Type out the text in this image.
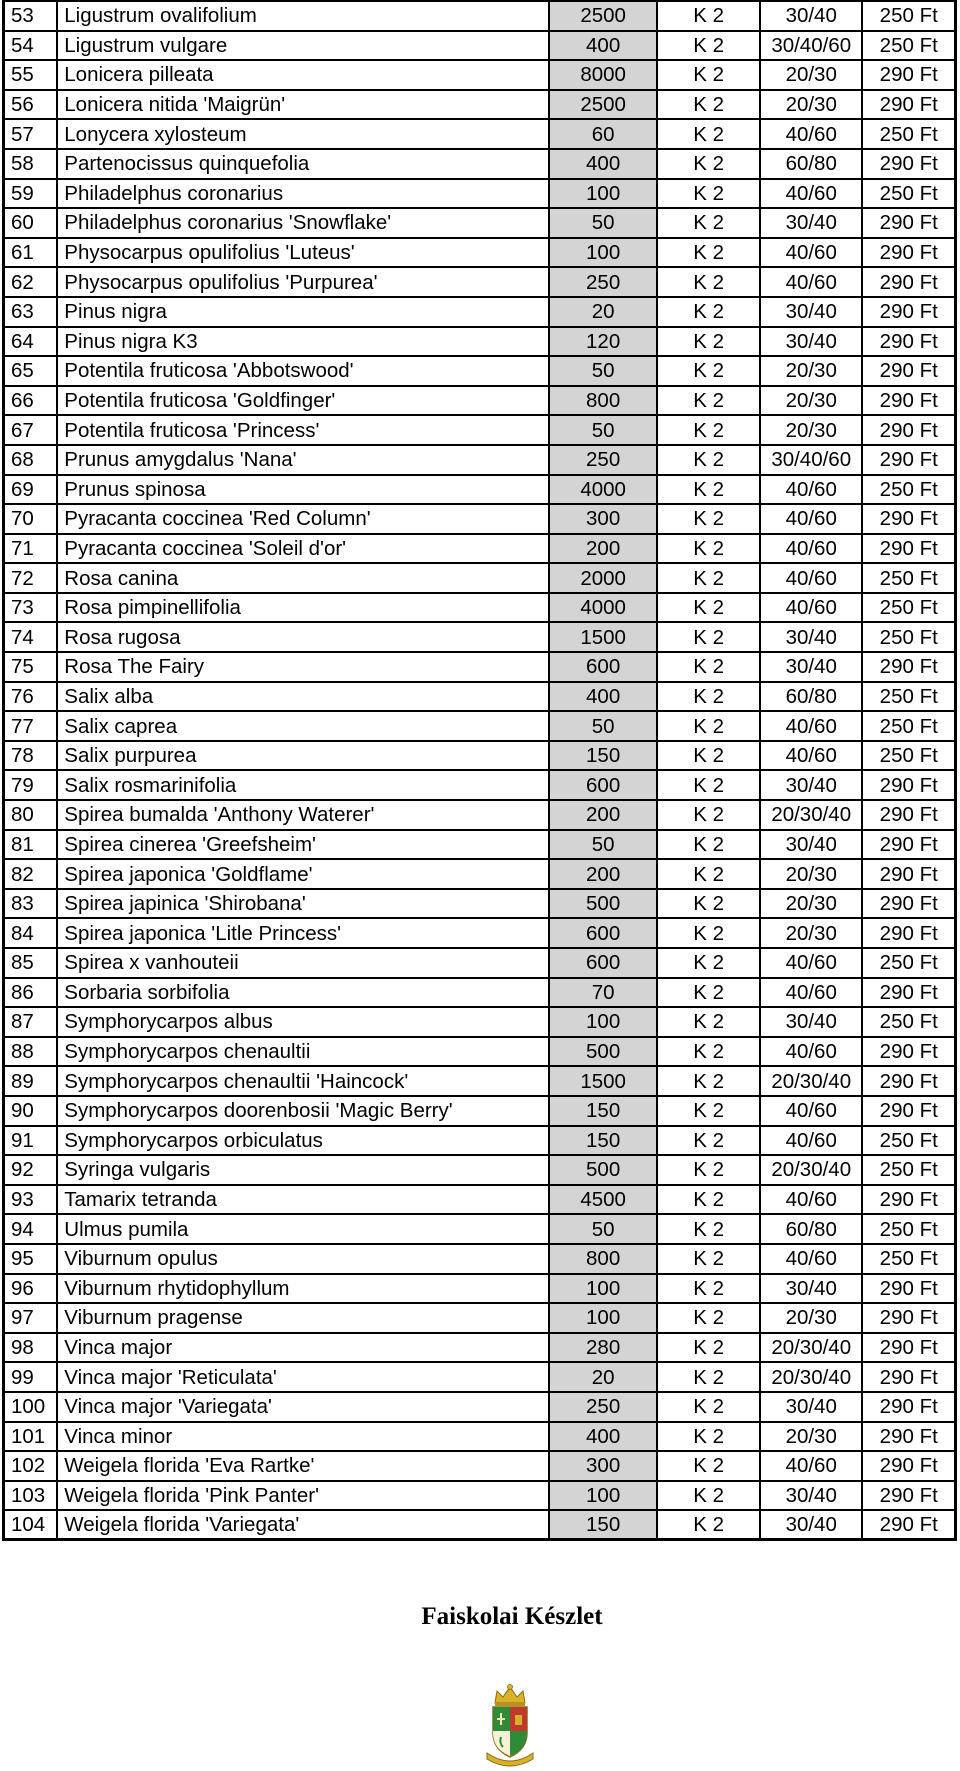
53	Ligustrum ovalifolium	2500	K 2	30/40	250 Ft
54	Ligustrum vulgare	400	K 2	30/40/60	250 Ft
55	Lonicera pilleata	8000	K 2	20/30	290 Ft
56	Lonicera nitida 'Maigrün'	2500	K 2	20/30	290 Ft
57	Lonycera xylosteum	60	K 2	40/60	250 Ft
58	Partenocissus quinquefolia	400	K 2	60/80	290 Ft
59	Philadelphus coronarius	100	K 2	40/60	250 Ft
60	Philadelphus coronarius 'Snowflake'	50	K 2	30/40	290 Ft
61	Physocarpus opulifolius 'Luteus'	100	K 2	40/60	290 Ft
62	Physocarpus opulifolius 'Purpurea'	250	K 2	40/60	290 Ft
63	Pinus nigra	20	K 2	30/40	290 Ft
64	Pinus nigra K3	120	K 2	30/40	290 Ft
65	Potentila fruticosa 'Abbotswood'	50	K 2	20/30	290 Ft
66	Potentila fruticosa 'Goldfinger'	800	K 2	20/30	290 Ft
67	Potentila fruticosa 'Princess'	50	K 2	20/30	290 Ft
68	Prunus amygdalus 'Nana'	250	K 2	30/40/60	290 Ft
69	Prunus spinosa	4000	K 2	40/60	250 Ft
70	Pyracanta coccinea 'Red Column'	300	K 2	40/60	290 Ft
71	Pyracanta coccinea 'Soleil d'or'	200	K 2	40/60	290 Ft
72	Rosa canina	2000	K 2	40/60	250 Ft
73	Rosa pimpinellifolia	4000	K 2	40/60	250 Ft
74	Rosa rugosa	1500	K 2	30/40	250 Ft
75	Rosa The Fairy	600	K 2	30/40	290 Ft
76	Salix alba	400	K 2	60/80	250 Ft
77	Salix caprea	50	K 2	40/60	250 Ft
78	Salix purpurea	150	K 2	40/60	250 Ft
79	Salix rosmarinifolia	600	K 2	30/40	290 Ft
80	Spirea bumalda 'Anthony Waterer'	200	K 2	20/30/40	290 Ft
81	Spirea cinerea 'Greefsheim'	50	K 2	30/40	290 Ft
82	Spirea japonica 'Goldflame'	200	K 2	20/30	290 Ft
83	Spirea japinica 'Shirobana'	500	K 2	20/30	290 Ft
84	Spirea japonica 'Litle Princess'	600	K 2	20/30	290 Ft
85	Spirea x vanhouteii	600	K 2	40/60	250 Ft
86	Sorbaria sorbifolia	70	K 2	40/60	290 Ft
87	Symphorycarpos albus	100	K 2	30/40	250 Ft
88	Symphorycarpos chenaultii	500	K 2	40/60	290 Ft
89	Symphorycarpos chenaultii 'Haincock'	1500	K 2	20/30/40	290 Ft
90	Symphorycarpos doorenbosii 'Magic Berry'	150	K 2	40/60	290 Ft
91	Symphorycarpos orbiculatus	150	K 2	40/60	250 Ft
92	Syringa vulgaris	500	K 2	20/30/40	250 Ft
93	Tamarix tetranda	4500	K 2	40/60	290 Ft
94	Ulmus pumila	50	K 2	60/80	250 Ft
95	Viburnum opulus	800	K 2	40/60	250 Ft
96	Viburnum rhytidophyllum	100	K 2	30/40	290 Ft
97	Viburnum pragense	100	K 2	20/30	290 Ft
98	Vinca major	280	K 2	20/30/40	290 Ft
99	Vinca major 'Reticulata'	20	K 2	20/30/40	290 Ft
100	Vinca major 'Variegata'	250	K 2	30/40	290 Ft
101	Vinca minor	400	K 2	20/30	290 Ft
102	Weigela florida 'Eva Rartke'	300	K 2	40/60	290 Ft
103	Weigela florida 'Pink Panter'	100	K 2	30/40	290 Ft
104	Weigela florida 'Variegata'	150	K 2	30/40	290 Ft
Faiskolai Készlet
